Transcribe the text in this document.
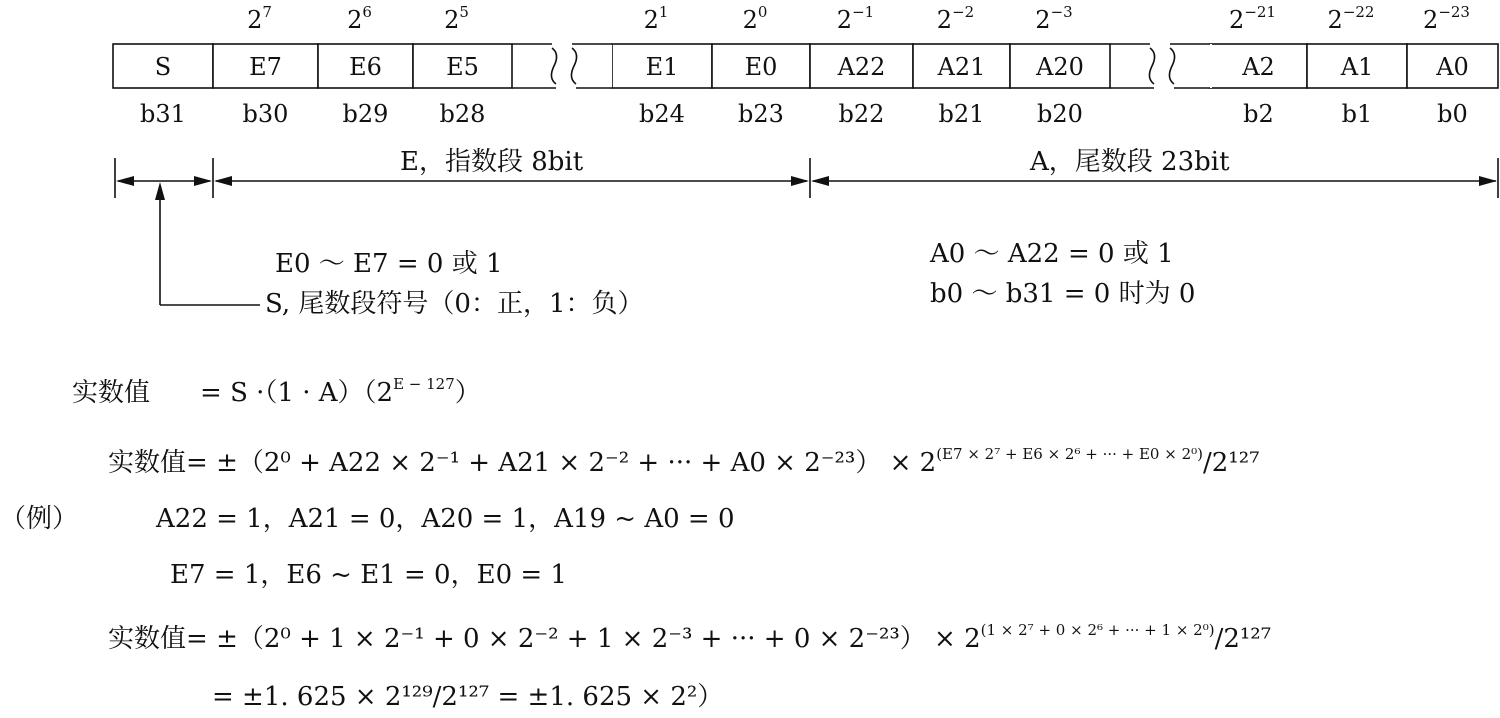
S
b31
E7
b30
$2^7$
E6
b29
$2^6$
E5
b28
$2^5$
E1
b24
$2^1$
E0
b23
$2^0$
A22
b22
$2^{-1}$
A21
b21
$2^{-2}$
A20
b20
$2^{-3}$
A2
b2
$2^{-21}$
A1
b1
$2^{-22}$
A0
b0
$2^{-23}$
E，指数段 8bit	A，尾数段 23bit
E0 ～ E7 = 0 或 1
S, 尾数段符号（0：正，1：负）
A0 ～ A22 = 0 或 1
b0 ～ b31 = 0 时为 0
实数值 = $S \cdot(1 \cdot A)(2^{E - 127})$
实数值= ±（2⁰ + A22 × 2⁻¹ + A21 × 2⁻² + ··· + $A0 \times 2^{-23}) \times 2^{(E7 \times 2^7 + E6 \times 2^6 + \cdot\cdot\cdot + E0 \times 2^0)}/2^{127}$
（例）	A22 = 1，A21 = 0，A20 = 1，A19 ~ A0 = 0
E7 = 1，E6 ~ E1 = 0，E0 = 1
实数值= ±（2⁰ + 1 × 2⁻¹ + 0 × 2⁻² + 1 × 2⁻³ + ··· + $0 \times 2^{-23}) \times 2^{(1 \times 2^7 + 0 \times 2^6 + \cdot\cdot\cdot + 1 \times 2^0)}/2^{127}$
= ±1. 625 × 2¹²⁹/2¹²⁷ = ±1. 625 × 2²）
